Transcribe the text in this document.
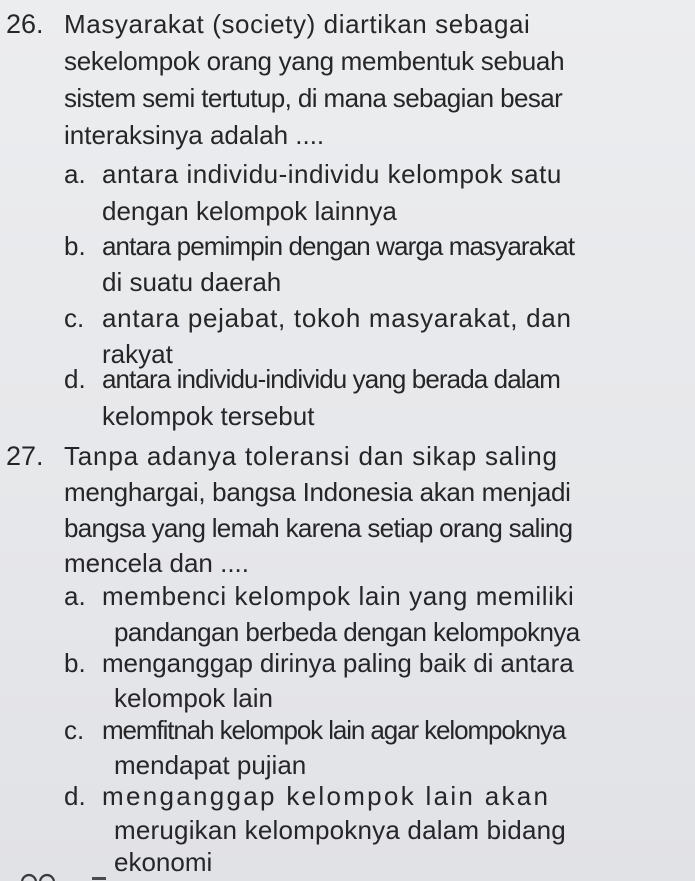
26. Masyarakat (society) diartikan sebagai
sekelompok orang yang membentuk sebuah
sistem semi tertutup, di mana sebagian besar
interaksinya adalah ....
a. antara individu-individu kelompok satu
dengan kelompok lainnya
b. antara pemimpin dengan warga masyarakat
di suatu daerah
c. antara pejabat, tokoh masyarakat, dan
rakyat
d. antara individu-individu yang berada dalam
kelompok tersebut
27. Tanpa adanya toleransi dan sikap saling
menghargai, bangsa Indonesia akan menjadi
bangsa yang lemah karena setiap orang saling
mencela dan ....
a. membenci kelompok lain yang memiliki
pandangan berbeda dengan kelompoknya
b. menganggap dirinya paling baik di antara
kelompok lain
c. memfitnah kelompok lain agar kelompoknya
mendapat pujian
d. menganggap kelompok lain akan
merugikan kelompoknya dalam bidang
ekonomi
